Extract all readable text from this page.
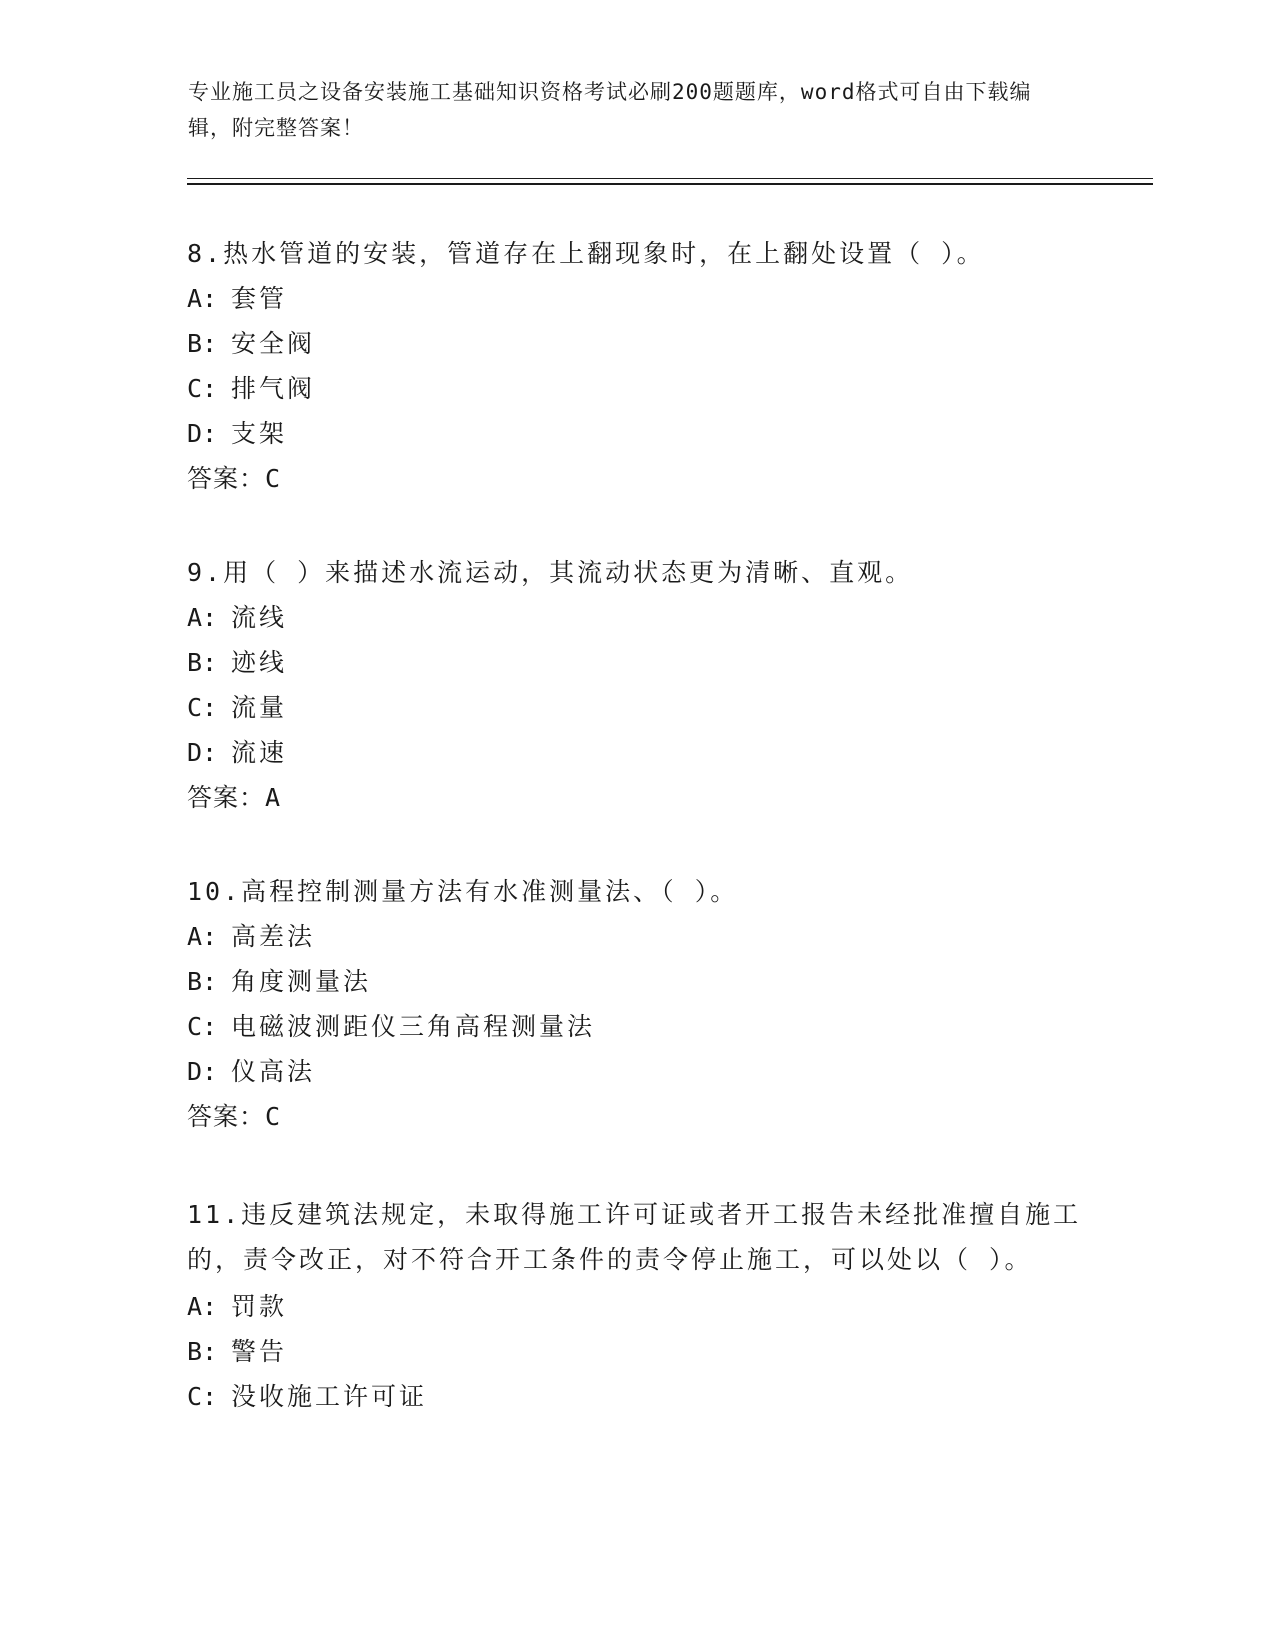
专业施工员之设备安装施工基础知识资格考试必刷200题题库，word格式可自由下载编辑，附完整答案！
8.热水管道的安装，管道存在上翻现象时，在上翻处设置（ ）。
A: 套管
B: 安全阀
C: 排气阀
D: 支架
答案：C
9.用（ ）来描述水流运动，其流动状态更为清晰、直观。
A: 流线
B: 迹线
C: 流量
D: 流速
答案：A
10.高程控制测量方法有水准测量法、（ ）。
A: 高差法
B: 角度测量法
C: 电磁波测距仪三角高程测量法
D: 仪高法
答案：C
11.违反建筑法规定，未取得施工许可证或者开工报告未经批准擅自施工的，责令改正，对不符合开工条件的责令停止施工，可以处以（ ）。
A: 罚款
B: 警告
C: 没收施工许可证
